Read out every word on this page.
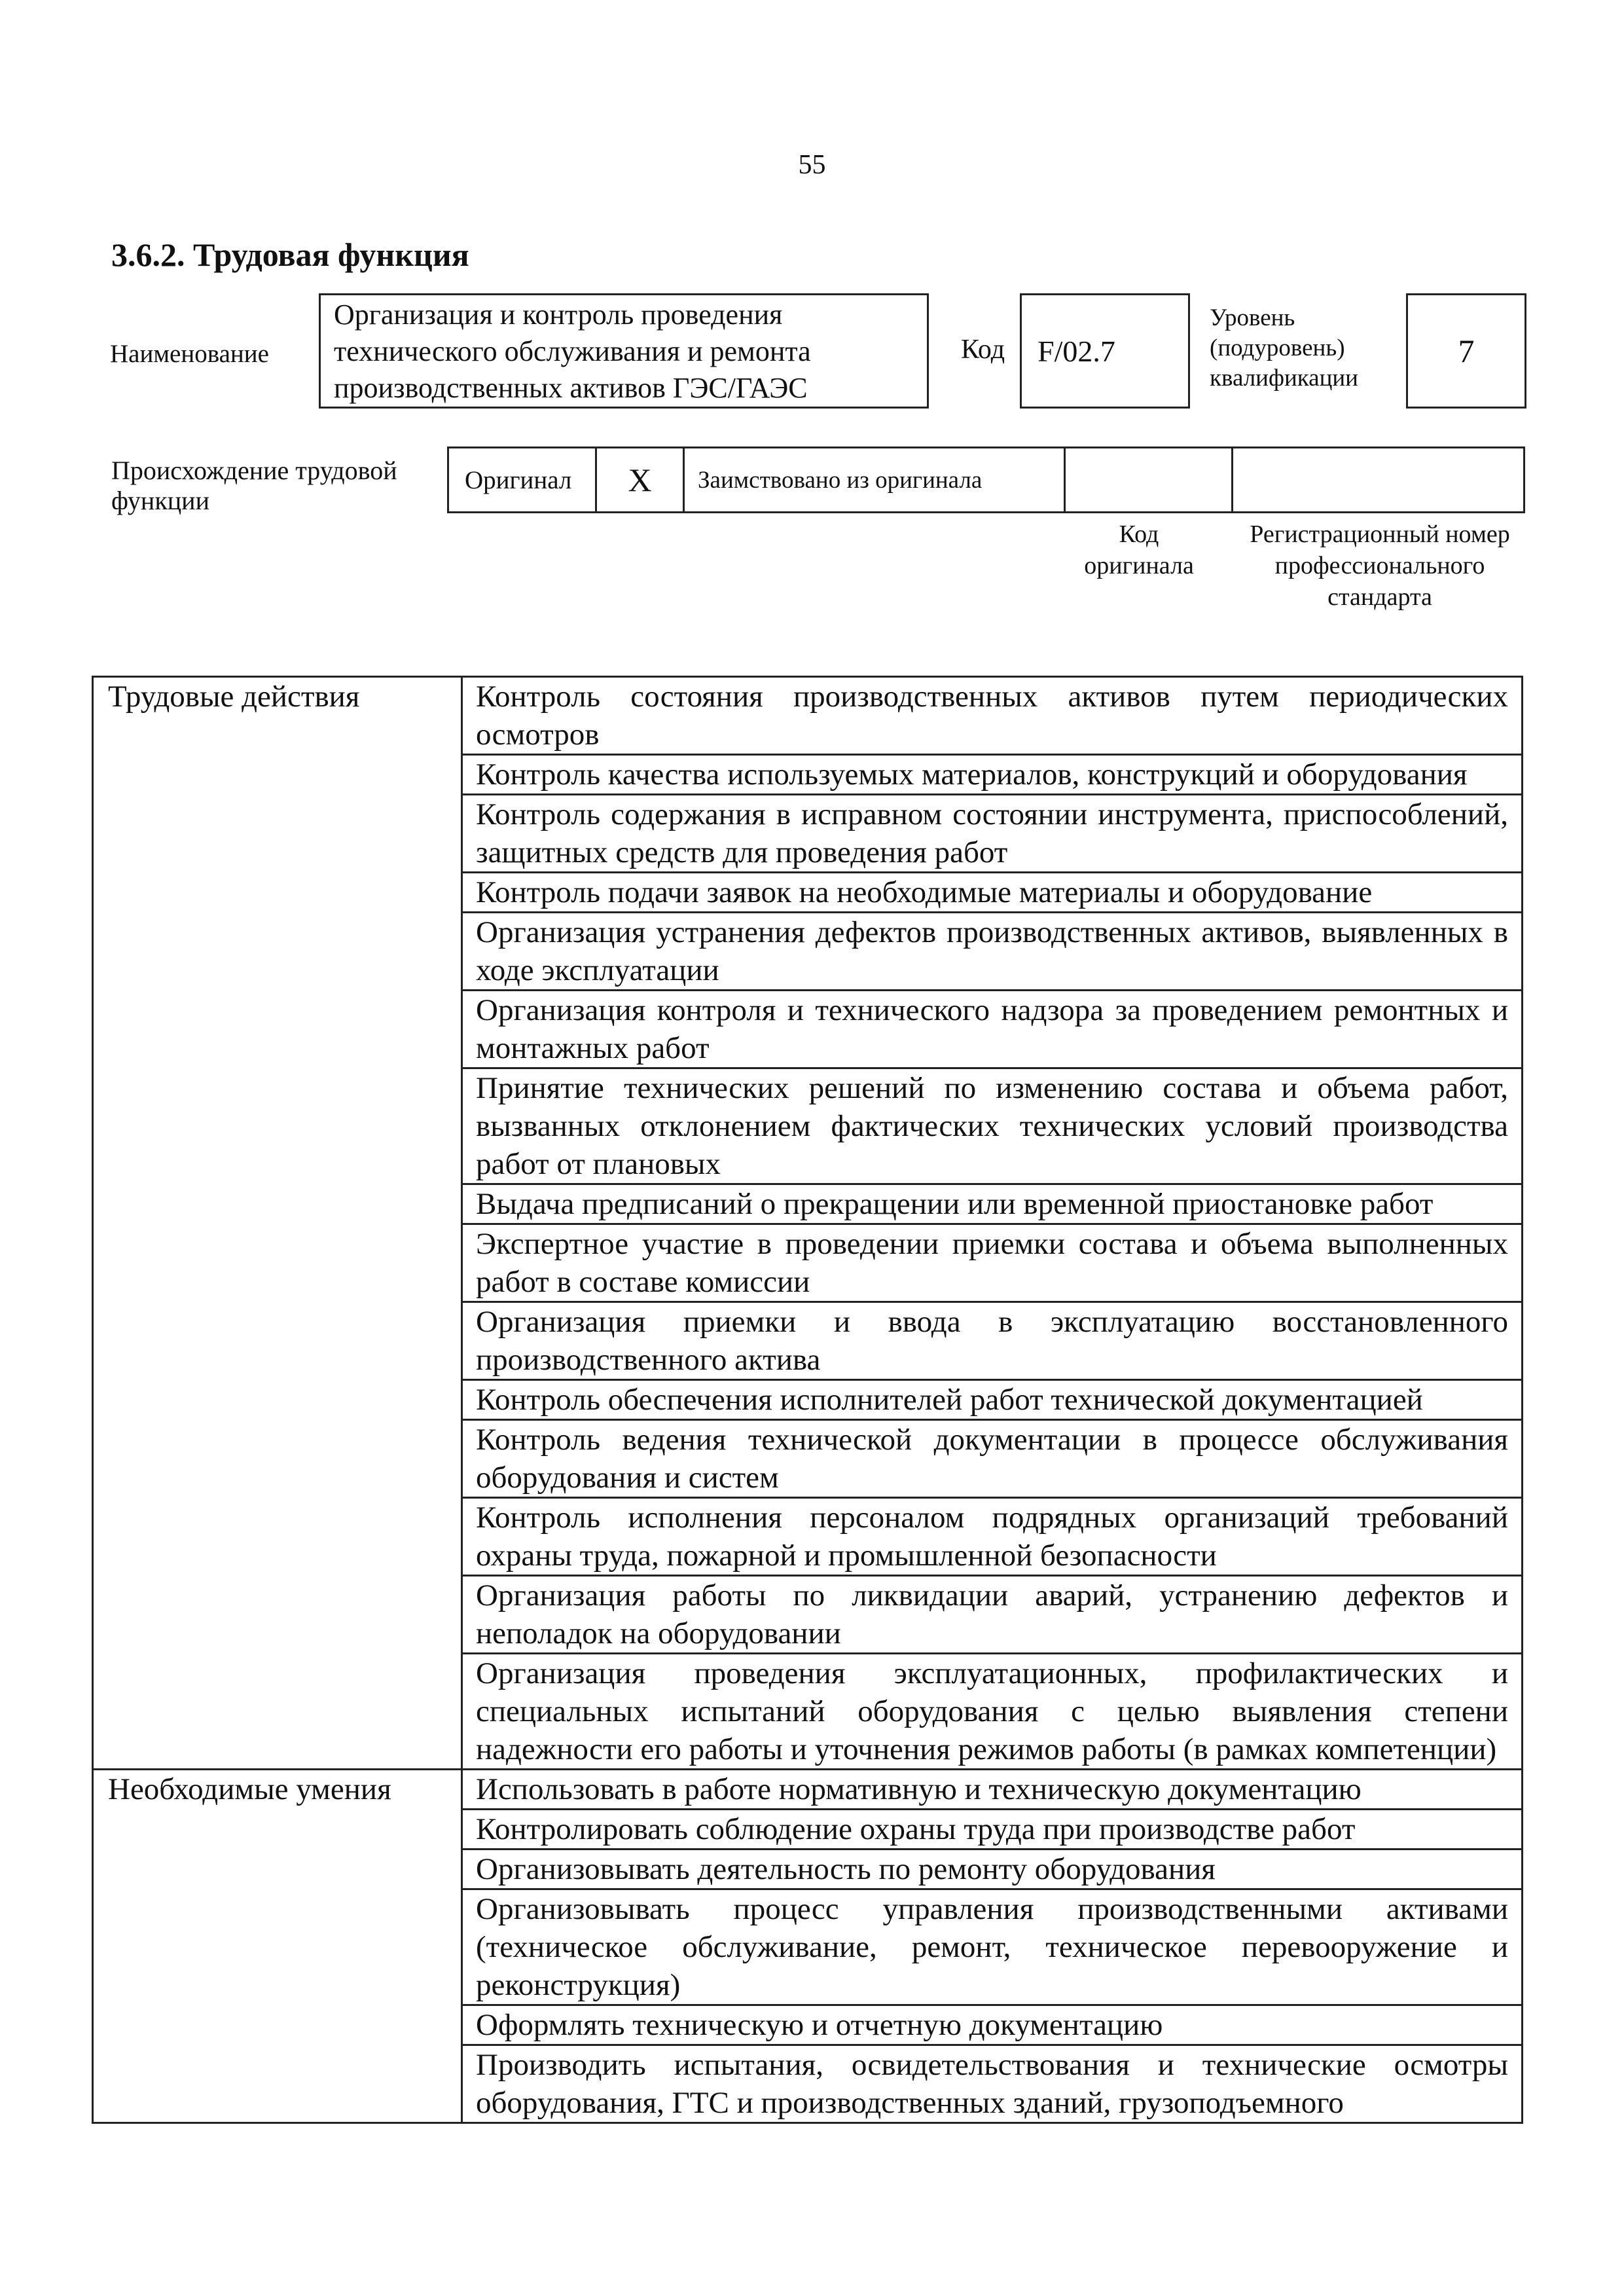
55
3.6.2. Трудовая функция
Наименование
Организация и контроль проведения технического обслуживания и ремонта производственных активов ГЭС/ГАЭС
Код F/02.7
Уровень (подуровень) квалификации
7
Происхождение трудовой функции
Оригинал X Заимствовано из оригинала
Код оригинала
Регистрационный номер профессионального стандарта
Трудовые действия	Контроль состояния производственных активов путем периодических осмотров
	Контроль качества используемых материалов, конструкций и оборудования
	Контроль содержания в исправном состоянии инструмента, приспособлений, защитных средств для проведения работ
	Контроль подачи заявок на необходимые материалы и оборудование
	Организация устранения дефектов производственных активов, выявленных в ходе эксплуатации
	Организация контроля и технического надзора за проведением ремонтных и монтажных работ
	Принятие технических решений по изменению состава и объема работ, вызванных отклонением фактических технических условий производства работ от плановых
	Выдача предписаний о прекращении или временной приостановке работ
	Экспертное участие в проведении приемки состава и объема выполненных работ в составе комиссии
	Организация приемки и ввода в эксплуатацию восстановленного производственного актива
	Контроль обеспечения исполнителей работ технической документацией
	Контроль ведения технической документации в процессе обслуживания оборудования и систем
	Контроль исполнения персоналом подрядных организаций требований охраны труда, пожарной и промышленной безопасности
	Организация работы по ликвидации аварий, устранению дефектов и неполадок на оборудовании
	Организация проведения эксплуатационных, профилактических и специальных испытаний оборудования с целью выявления степени надежности его работы и уточнения режимов работы (в рамках компетенции)
Необходимые умения	Использовать в работе нормативную и техническую документацию
	Контролировать соблюдение охраны труда при производстве работ
	Организовывать деятельность по ремонту оборудования
	Организовывать процесс управления производственными активами (техническое обслуживание, ремонт, техническое перевооружение и реконструкция)
	Оформлять техническую и отчетную документацию
	Производить испытания, освидетельствования и технические осмотры оборудования, ГТС и производственных зданий, грузоподъемного
